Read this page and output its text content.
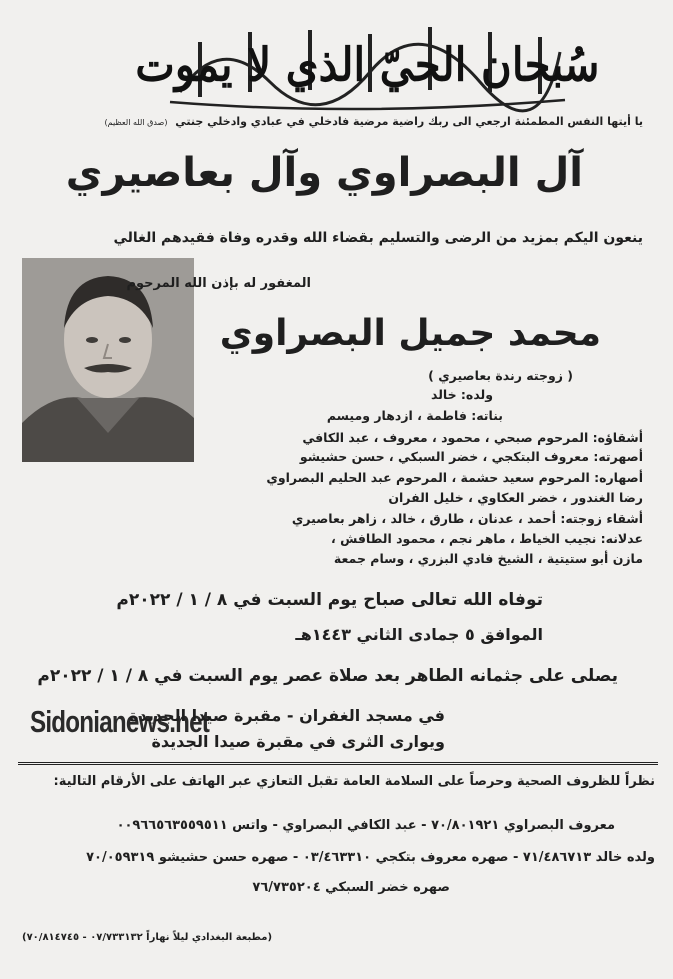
سُبحان الحيّ الذي لا يموت
يا أيتها النفس المطمئنة ارجعي الى ربك راضية مرضية فادخلي في عبادي وادخلي جنتي (صدق الله العظيم)
آل البصراوي وآل بعاصيري
ينعون اليكم بمزيد من الرضى والتسليم بقضاء الله وقدره وفاة فقيدهم الغالي
المغفور له بإذن الله المرحوم
محمد جميل البصراوي
( زوجته رندة بعاصيري )
ولده: خالد
بناته: فاطمة ، ازدهار وميسم
أشقاؤه: المرحوم صبحي ، محمود ، معروف ، عبد الكافي
أصهرته: معروف البتكجي ، خضر السبكي ، حسن حشيشو
أصهاره: المرحوم سعيد حشمة ، المرحوم عبد الحليم البصراوي
رضا الغندور ، خضر العكاوي ، خليل الفران
أشقاء زوجته: أحمد ، عدنان ، طارق ، خالد ، زاهر بعاصيري
عدلانه: نجيب الخياط ، ماهر نجم ، محمود الطافش ،
مازن أبو ستيتية ، الشيخ فادي البزري ، وسام جمعة
توفاه الله تعالى صباح يوم السبت في ٨ / ١ / ٢٠٢٢م
الموافق ٥ جمادى الثاني ١٤٤٣هـ
يصلى على جثمانه الطاهر بعد صلاة عصر يوم السبت في ٨ / ١ / ٢٠٢٢م
Sidonianews.net
في مسجد الغفران - مقبرة صيدا الجديدة
ويوارى الثرى في مقبرة صيدا الجديدة
نظراً للظروف الصحية وحرصاً على السلامة العامة تقبل التعازي عبر الهاتف على الأرقام التالية:
معروف البصراوي ٧٠/٨٠١٩٢١ - عبد الكافي البصراوي - واتس ٠٠٩٦٦٥٦٣٥٥٩٥١١
ولده خالد ٧١/٤٨٦٧١٣ - صهره معروف بتكجي ٠٣/٤٦٣٣١٠ - صهره حسن حشيشو ٧٠/٠٥٩٣١٩
صهره خضر السبكي ٧٦/٧٣٥٢٠٤
(مطبعة البغدادي ليلاً نهاراً ٠٧/٧٣٣١٣٢ - ٧٠/٨١٤٧٤٥)
